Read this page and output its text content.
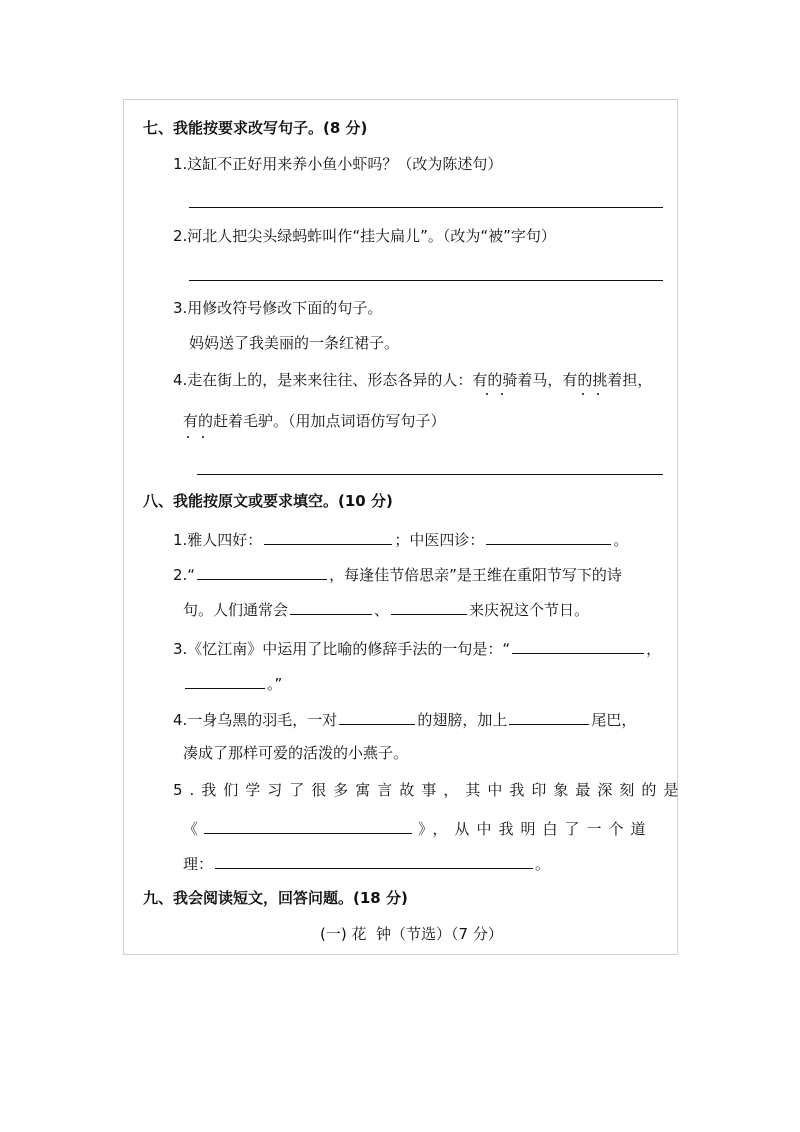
七、我能按要求改写句子。(8 分)
1.这缸不正好用来养小鱼小虾吗？（改为陈述句）
2.河北人把尖头绿蚂蚱叫作“挂大扁儿”。（改为“被”字句）
3.用修改符号修改下面的句子。
妈妈送了我美丽的一条红裙子。
4.走在街上的，是来来往往、形态各异的人：有的骑着马，有的挑着担，
有的赶着毛驴。（用加点词语仿写句子）
八、我能按原文或要求填空。(10 分)
1.雅人四好：	；中医四诊：	。
2.“	，每逢佳节倍思亲”是王维在重阳节写下的诗
句。人们通常会	、	来庆祝这个节日。
3.《忆江南》中运用了比喻的修辞手法的一句是：“	，
。”
4.一身乌黑的羽毛，一对	的翅膀，加上	尾巴，
凑成了那样可爱的活泼的小燕子。
5.我们学习了很多寓言故事，其中我印象最深刻的是
《	》，从中我明白了一个道
理：	。
九、我会阅读短文，回答问题。(18 分)
(一) 花  钟（节选）（7 分）
